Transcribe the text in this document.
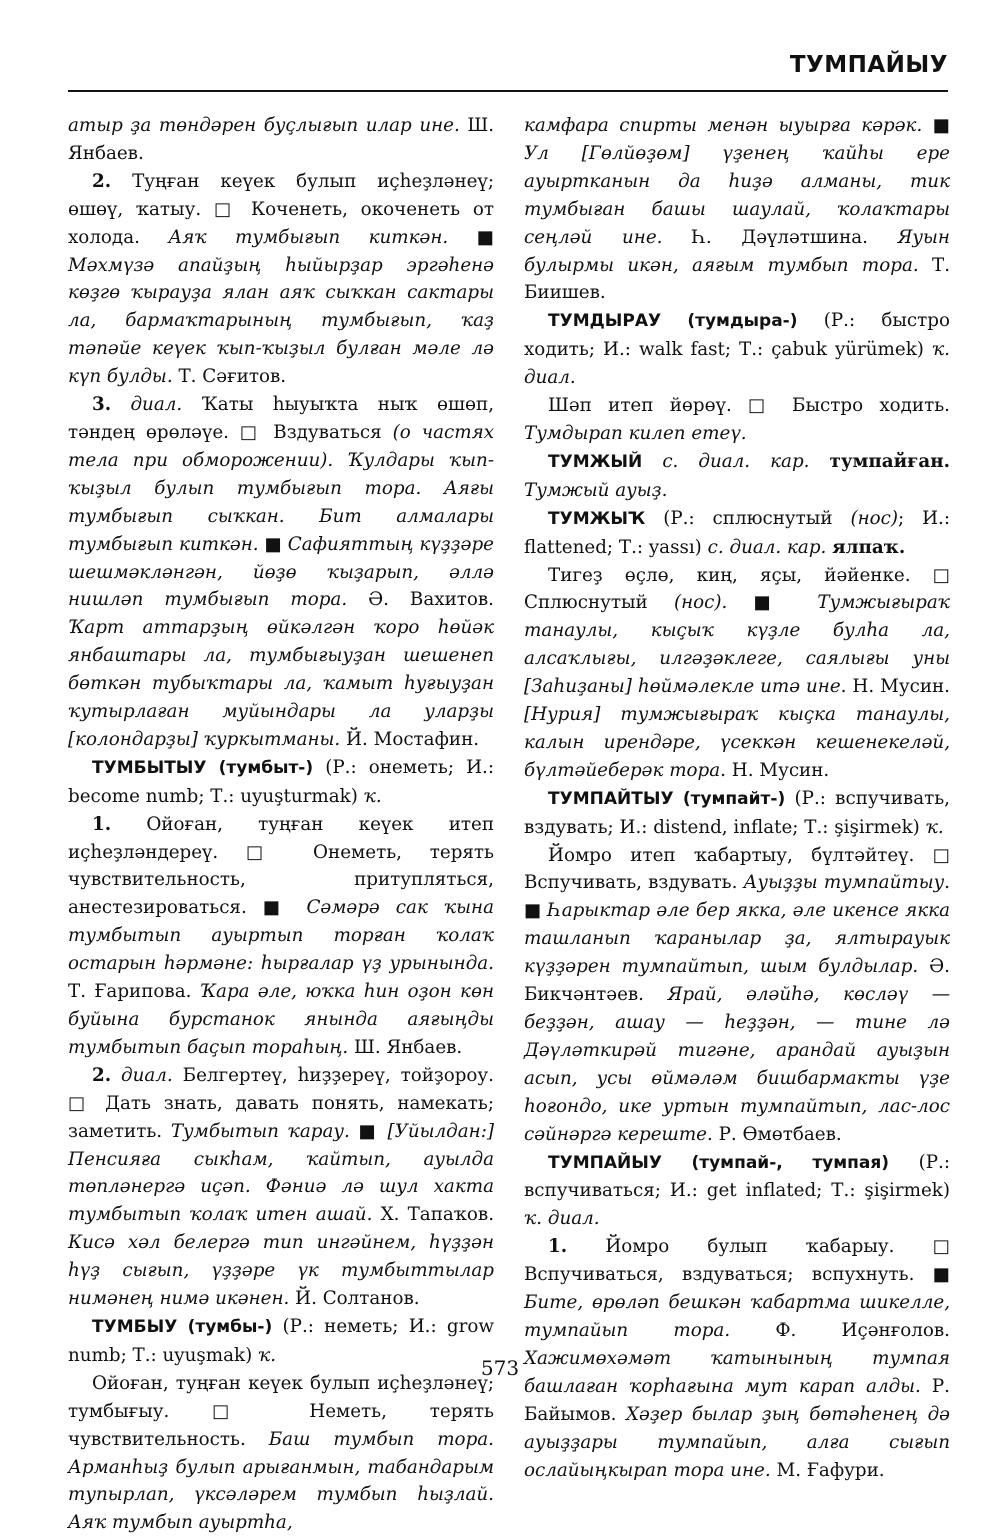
ТУМПАЙЫУ

атыр ҙа төндәрен буҫлығып илар ине. Ш. Янбаев.

2. Туңған кеүек булып иҫһеҙләнеү; өшөү, ҡатыу. □ Коченеть, окоченеть от холода. Аяҡ тумбығып киткән. ■ Мәхмүзә апайҙың һыйырҙар эргәһенә көҙгө ҡырауҙа ялан аяҡ сыҡкан сактары ла, бармаҡтарының тумбығып, ҡаҙ тәпәйе кеүек ҡып-ҡыҙыл булған мәле лә күп булды. Т. Сәғитов.

3. диал. Ҡаты һыуыҡта ныҡ өшөп, тәндең өрөләүе. □ Вздуваться (о частях тела при обморожении). Ҡулдары ҡып-ҡыҙыл булып тумбығып тора. Аяғы тумбығып сыҡкан. Бит алмалары тумбығып киткән. ■ Сафияттың күҙҙәре шешмәкләнгән, йөҙө ҡыҙарып, әллә нишләп тумбығып тора. Ә. Вахитов. Ҡарт аттарҙың өйкәлгән ҡоро һөйәк янбаштары ла, тумбығыуҙан шешенеп бөткән тубыҡтары ла, ҡамыт һуғыуҙан ҡутырлаған муйындары ла уларҙы [колондарҙы] ҡуркытманы. Й. Мостафин.

ТУМБЫТЫУ (тумбыт-) (Р.: онеметь; И.: become numb; Т.: uyuşturmak) ҡ.

1. Ойоған, туңған кеүек итеп иҫһеҙләндереү. □ Онеметь, терять чувствительность, притупляться, анестезироваться. ■ Сәмәрә сак ҡына тумбытып ауыртып торған ҡолаҡ остарын һәрмәне: һырғалар үҙ урынында. Т. Ғарипова. Ҡара әле, юҡка һин оҙон көн буйына бурстанок янында аяғыңды тумбытып баҫып тораһың. Ш. Янбаев.

2. диал. Белгертеү, һиҙҙереү, тойҙороу. □ Дать знать, давать понять, намекать; заметить. Тумбытып ҡарау. ■ [Уйылдан:] Пенсияға сыкһам, ҡайтып, ауылда төпләнергә иҫәп. Фәниә лә шул хакта тумбытып ҡолаҡ итен ашай. Х. Тапаҡов. Кисә хәл белергә тип ингәйнем, һүҙҙән һүҙ сығып, үҙҙәре үк тумбыттылар нимәнең нимә икәнен. Й. Солтанов.

ТУМБЫУ (тумбы-) (Р.: неметь; И.: grow numb; Т.: uyuşmak) ҡ.

Ойоған, туңған кеүек булып иҫһеҙләнеү; тумбығыу. □ Неметь, терять чувствительность. Баш тумбып тора. Арманһыҙ булып арығанмын, табандарым тупырлап, үксәләрем тумбып һыҙлай. Аяҡ тумбып ауыртһа,

камфара спирты менән ыуырға кәрәк. ■ Ул [Гөлйөҙөм] үҙенең ҡайһы ере ауыртканын да һиҙә алманы, тик тумбыған башы шаулай, ҡолаҡтары сеңләй ине. Һ. Дәүләтшина. Яуын булырмы икән, аяғым тумбып тора. Т. Биишев.

ТУМДЫРАУ (тумдыра-) (Р.: быстро ходить; И.: walk fast; Т.: çabuk yürümek) ҡ. диал.

Шәп итеп йөрөү. □ Быстро ходить. Тумдырап килеп етеү.

ТУМЖЫЙ с. диал. кар. тумпайған. Тумжый ауыҙ.

ТУМЖЫҠ (Р.: сплюснутый (нос); И.: flattened; Т.: yassı) с. диал. кар. ялпаҡ.

Тигеҙ өҫлө, киң, яҫы, йәйенке. □ Сплюснутый (нос). ■ Тумжығыраҡ танаулы, кыҫыҡ күҙле булһа ла, алсаҡлығы, илгәҙәклеге, саялығы уны [Заһиҙаны] һөймәлекле итә ине. Н. Мусин. [Нурия] тумжығыраҡ кыҫка танаулы, калын ирендәре, үсеккән кешенекеләй, бүлтәйеберәк тора. Н. Мусин.

ТУМПАЙТЫУ (тумпайт-) (Р.: вспучивать, вздувать; И.: distend, inflate; Т.: şişirmek) ҡ.

Йомро итеп ҡабартыу, бүлтәйтеү. □ Вспучивать, вздувать. Ауыҙҙы тумпайтыу. ■ Һарыктар әле бер якка, әле икенсе якка ташланып ҡаранылар ҙа, ялтырауык күҙҙәрен тумпайтып, шым булдылар. Ә. Бикчәнтәев. Ярай, әләйһә, көсләү — беҙҙән, ашау — һеҙҙән, — тине лә Дәүләткирәй тигәне, арандай ауыҙын асып, усы өймәләм бишбармакты үҙе һоғондо, ике уртын тумпайтып, лас-лос сәйнәргә кереште. Р. Өмөтбаев.

ТУМПАЙЫУ (тумпай-, тумпая) (Р.: вспучиваться; И.: get inflated; Т.: şişirmek) ҡ. диал.

1. Йомро булып ҡабарыу. □ Вспучиваться, вздуваться; вспухнуть. ■ Бите, өрөләп бешкән ҡабартма шикелле, тумпайып тора. Ф. Иҫәнғолов. Хажимөхәмәт ҡатынының тумпая башлаған ҡорһағына мут карап алды. Р. Байымов. Хәҙер былар ҙың бөтәһенең дә ауыҙҙары тумпайып, алға сығып ослайыңкырап тора ине. М. Ғафури.

573
